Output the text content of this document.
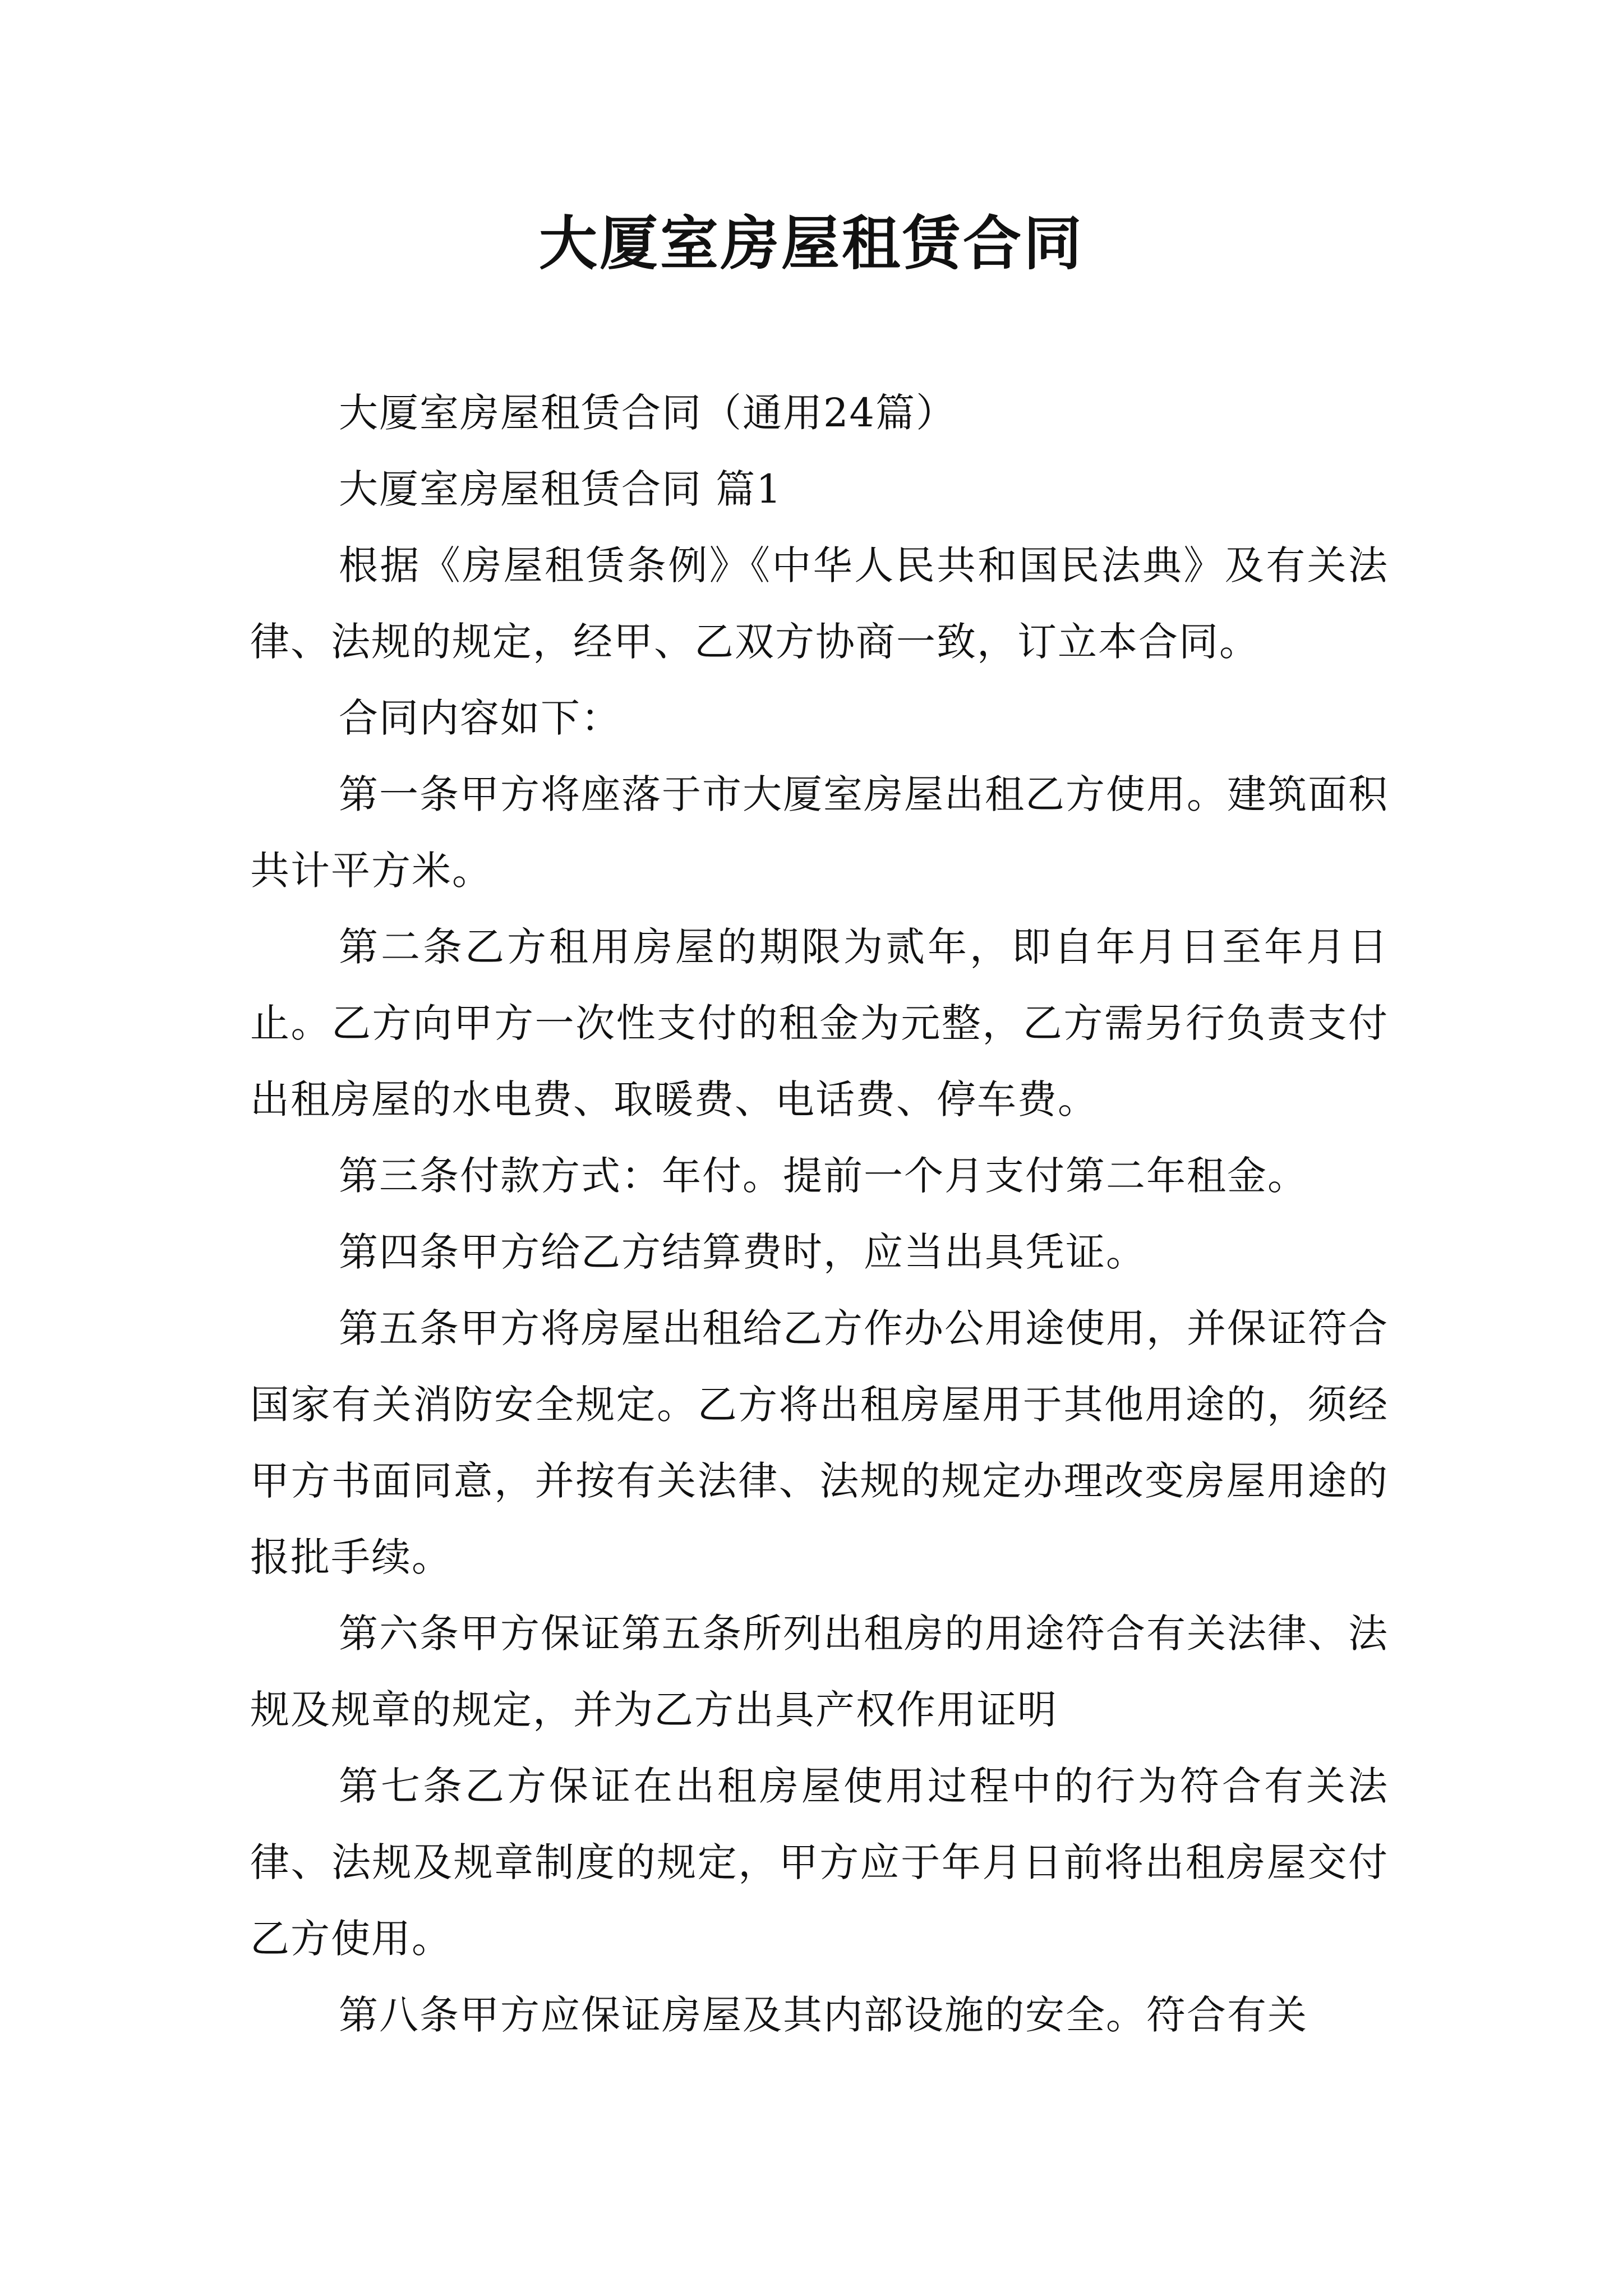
大厦室房屋租赁合同

大厦室房屋租赁合同（通用24篇）

大厦室房屋租赁合同 篇1

根据《房屋租赁条例》《中华人民共和国民法典》及有关法律、法规的规定，经甲、乙双方协商一致，订立本合同。

合同内容如下：

第一条甲方将座落于市大厦室房屋出租乙方使用。建筑面积共计平方米。

第二条乙方租用房屋的期限为贰年，即自年月日至年月日止。乙方向甲方一次性支付的租金为元整，乙方需另行负责支付出租房屋的水电费、取暖费、电话费、停车费。

第三条付款方式：年付。提前一个月支付第二年租金。

第四条甲方给乙方结算费时，应当出具凭证。

第五条甲方将房屋出租给乙方作办公用途使用，并保证符合国家有关消防安全规定。乙方将出租房屋用于其他用途的，须经甲方书面同意，并按有关法律、法规的规定办理改变房屋用途的报批手续。

第六条甲方保证第五条所列出租房的用途符合有关法律、法规及规章的规定，并为乙方出具产权作用证明

第七条乙方保证在出租房屋使用过程中的行为符合有关法律、法规及规章制度的规定，甲方应于年月日前将出租房屋交付乙方使用。

第八条甲方应保证房屋及其内部设施的安全。符合有关
